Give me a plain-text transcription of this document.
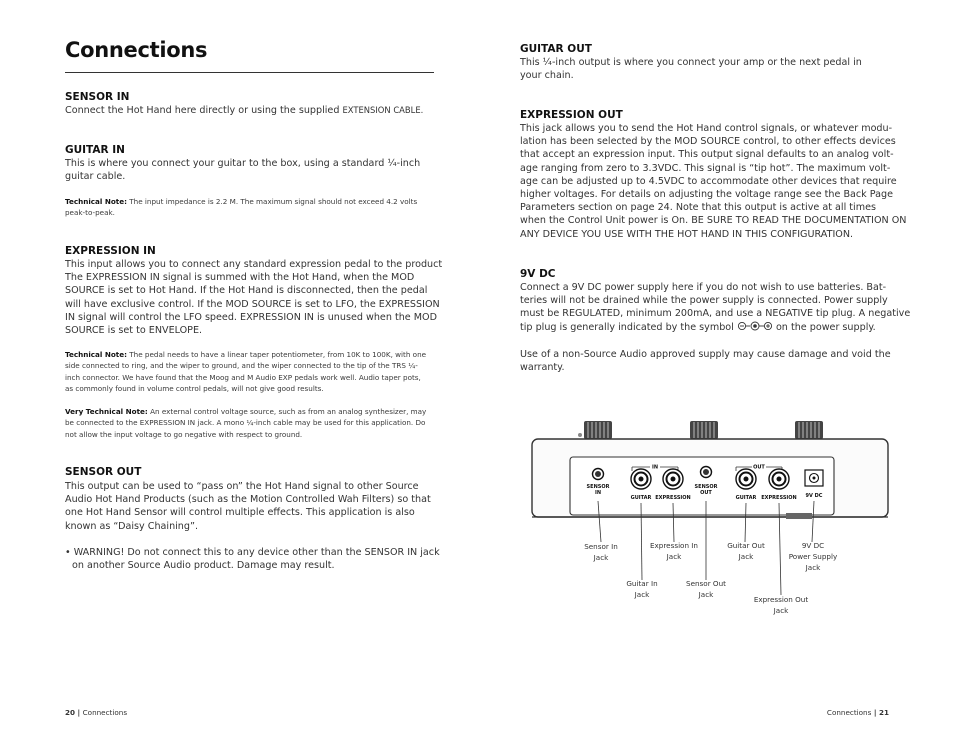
Connections
SENSOR IN
Connect the Hot Hand here directly or using the supplied EXTENSION CABLE.
GUITAR IN
This is where you connect your guitar to the box, using a standard ¼-inch
guitar cable.
Technical Note: The input impedance is 2.2 M. The maximum signal should not exceed 4.2 volts
peak-to-peak.
EXPRESSION IN
This input allows you to connect any standard expression pedal to the product
The EXPRESSION IN signal is summed with the Hot Hand, when the MOD
SOURCE is set to Hot Hand. If the Hot Hand is disconnected, then the pedal
will have exclusive control. If the MOD SOURCE is set to LFO, the EXPRESSION
IN signal will control the LFO speed. EXPRESSION IN is unused when the MOD
SOURCE is set to ENVELOPE.
Technical Note: The pedal needs to have a linear taper potentiometer, from 10K to 100K, with one
side connected to ring, and the wiper to ground, and the wiper connected to the tip of the TRS ¼-
inch connector. We have found that the Moog and M Audio EXP pedals work well. Audio taper pots,
as commonly found in volume control pedals, will not give good results.
Very Technical Note: An external control voltage source, such as from an analog synthesizer, may
be connected to the EXPRESSION IN jack. A mono ¼-inch cable may be used for this application. Do
not allow the input voltage to go negative with respect to ground.
SENSOR OUT
This output can be used to “pass on” the Hot Hand signal to other Source
Audio Hot Hand Products (such as the Motion Controlled Wah Filters) so that
one Hot Hand Sensor will control multiple effects. This application is also
known as “Daisy Chaining”.
• WARNING! Do not connect this to any device other than the SENSOR IN jack
on another Source Audio product. Damage may result.
20 | Connections
GUITAR OUT
This ¼-inch output is where you connect your amp or the next pedal in
your chain.
EXPRESSION OUT
This jack allows you to send the Hot Hand control signals, or whatever modu-
lation has been selected by the MOD SOURCE control, to other effects devices
that accept an expression input. This output signal defaults to an analog volt-
age ranging from zero to 3.3VDC. This signal is “tip hot”. The maximum volt-
age can be adjusted up to 4.5VDC to accommodate other devices that require
higher voltages. For details on adjusting the voltage range see the Back Page
Parameters section on page 24. Note that this output is active at all times
when the Control Unit power is On. BE SURE TO READ THE DOCUMENTATION ON
ANY DEVICE YOU USE WITH THE HOT HAND IN THIS CONFIGURATION.
9V DC
Connect a 9V DC power supply here if you do not wish to use batteries. Bat-
teries will not be drained while the power supply is connected. Power supply
must be REGULATED, minimum 200mA, and use a NEGATIVE tip plug. A negative
tip plug is generally indicated by the symbol	on the power supply.
Use of a non-Source Audio approved supply may cause damage and void the
warranty.
IN	OUT
SENSOR
IN
GUITAR EXPRESSION
SENSOR
OUT
GUITAR EXPRESSION 9V DC
Sensor In
Jack
Expression In
Jack
Guitar Out
Jack
9V DC
Power Supply
Jack
Guitar In
Jack
Sensor Out
Jack
Expression Out
Jack
Connections | 21
